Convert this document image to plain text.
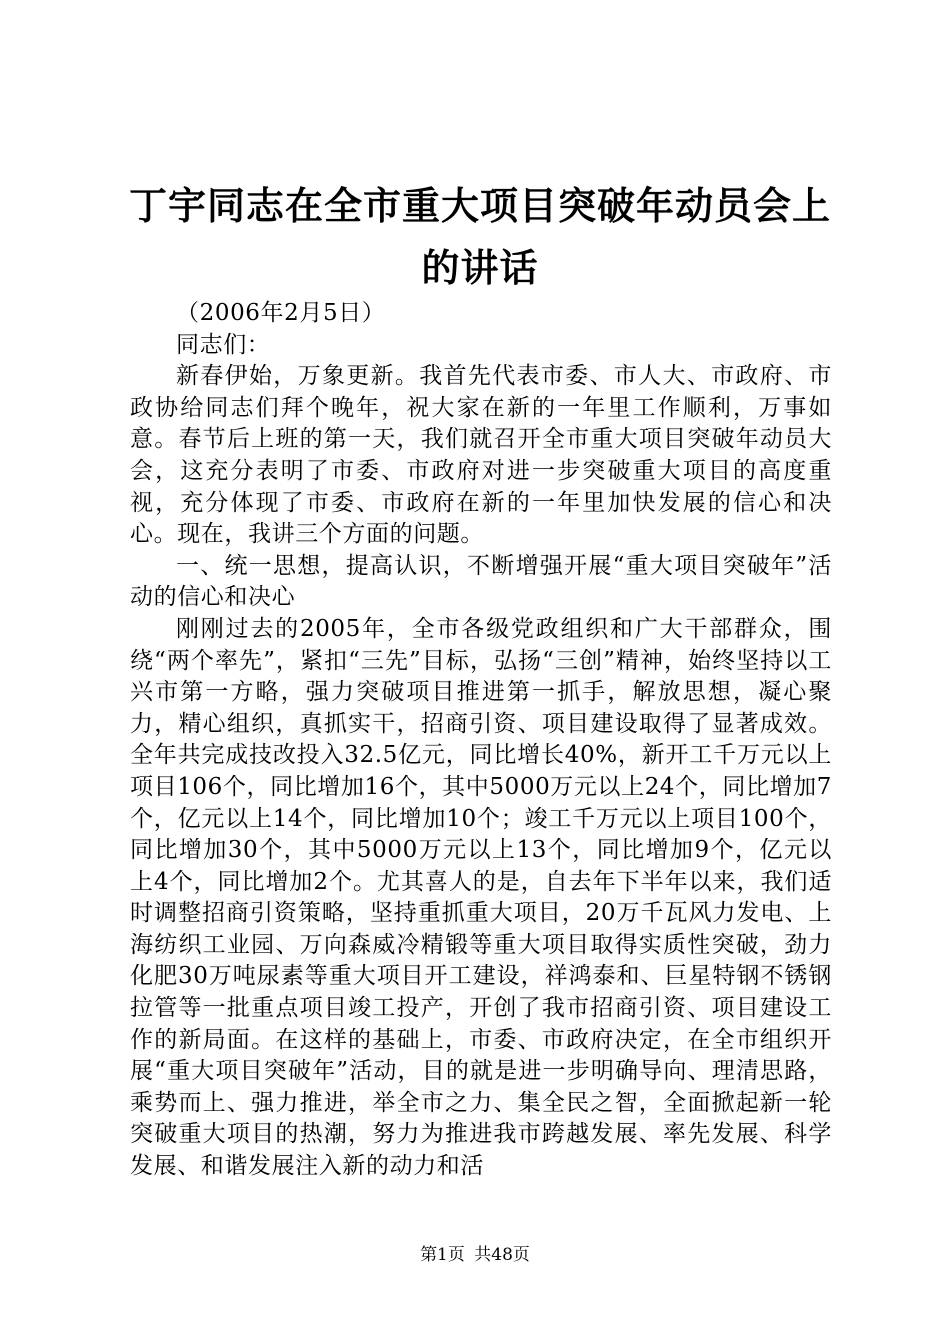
丁宇同志在全市重大项目突破年动员会上的讲话

（2006年2月5日）

同志们：

新春伊始，万象更新。我首先代表市委、市人大、市政府、市政协给同志们拜个晚年，祝大家在新的一年里工作顺利，万事如意。春节后上班的第一天，我们就召开全市重大项目突破年动员大会，这充分表明了市委、市政府对进一步突破重大项目的高度重视，充分体现了市委、市政府在新的一年里加快发展的信心和决心。现在，我讲三个方面的问题。

一、统一思想，提高认识，不断增强开展“重大项目突破年”活动的信心和决心

刚刚过去的2005年，全市各级党政组织和广大干部群众，围绕“两个率先”，紧扣“三先”目标，弘扬“三创”精神，始终坚持以工兴市第一方略，强力突破项目推进第一抓手，解放思想，凝心聚力，精心组织，真抓实干，招商引资、项目建设取得了显著成效。全年共完成技改投入32.5亿元，同比增长40%，新开工千万元以上项目106个，同比增加16个，其中5000万元以上24个，同比增加7个，亿元以上14个，同比增加10个；竣工千万元以上项目100个，同比增加30个，其中5000万元以上13个，同比增加9个，亿元以上4个，同比增加2个。尤其喜人的是，自去年下半年以来，我们适时调整招商引资策略，坚持重抓重大项目，20万千瓦风力发电、上海纺织工业园、万向森威冷精锻等重大项目取得实质性突破，劲力化肥30万吨尿素等重大项目开工建设，祥鸿泰和、巨星特钢不锈钢拉管等一批重点项目竣工投产，开创了我市招商引资、项目建设工作的新局面。在这样的基础上，市委、市政府决定，在全市组织开展“重大项目突破年”活动，目的就是进一步明确导向、理清思路，乘势而上、强力推进，举全市之力、集全民之智，全面掀起新一轮突破重大项目的热潮，努力为推进我市跨越发展、率先发展、科学发展、和谐发展注入新的动力和活

第1页 共48页
